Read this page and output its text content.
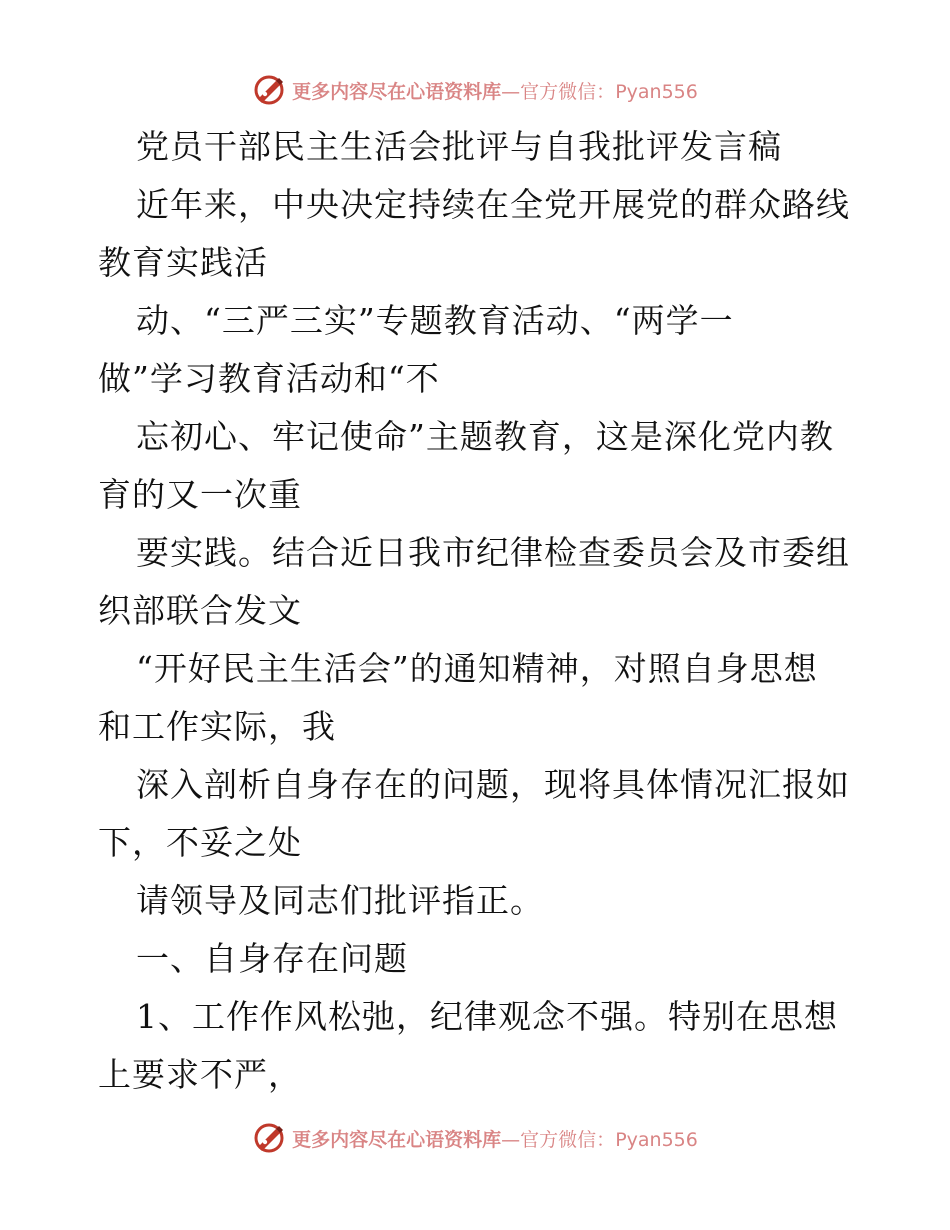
更多内容尽在心语资料库—官方微信：Pyan556
党员干部民主生活会批评与自我批评发言稿
近年来，中央决定持续在全党开展党的群众路线
教育实践活
动、“三严三实”专题教育活动、“两学一
做”学习教育活动和“不
忘初心、牢记使命”主题教育，这是深化党内教
育的又一次重
要实践。结合近日我市纪律检查委员会及市委组
织部联合发文
“开好民主生活会”的通知精神，对照自身思想
和工作实际，我
深入剖析自身存在的问题，现将具体情况汇报如
下，不妥之处
请领导及同志们批评指正。
一、自身存在问题
1、工作作风松弛，纪律观念不强。特别在思想
上要求不严，
更多内容尽在心语资料库—官方微信：Pyan556
